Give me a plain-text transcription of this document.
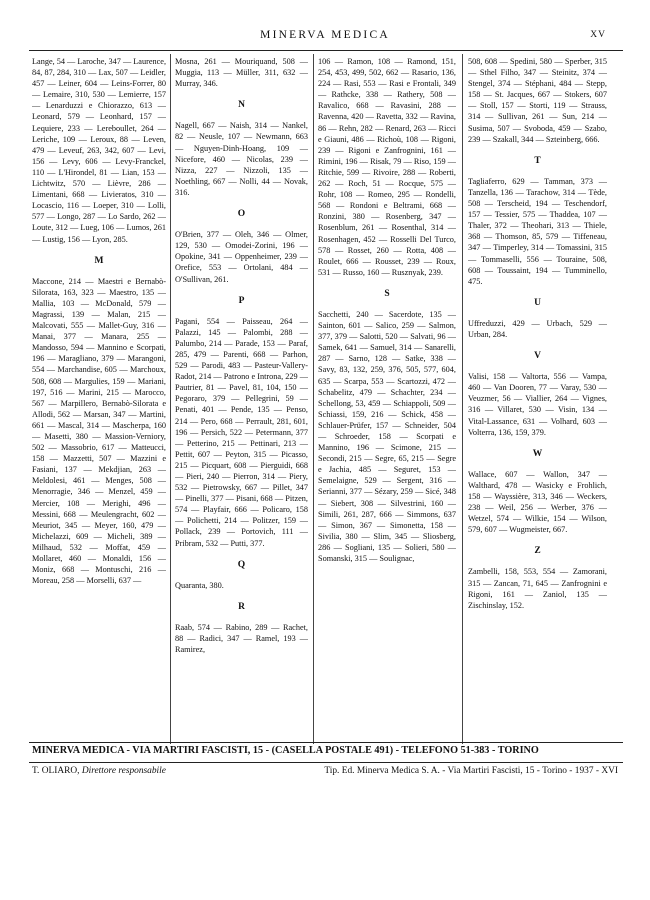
MINERVA MEDICA	XV
Lange, 54 — Laroche, 347 — Laurence, 84, 87, 284, 310 — Lax, 507 — Leidler, 457 — Leiner, 604 — Leins-Forrer, 80 — Lemaire, 310, 530 — Lemierre, 157 — Lenarduzzi e Chiorazzo, 613 — Leonard, 579 — Leonhard, 157 — Lequiere, 233 — Lereboullet, 264 — Leriche, 109 — Leroux, 88 — Leven, 479 — Leveuf, 263, 342, 607 — Levi, 156 — Levy, 606 — Levy-Franckel, 110 — L'Hirondel, 81 — Lian, 153 — Lichtwitz, 570 — Lièvre, 286 — Limentani, 668 — Livieratos, 310 — Locascio, 116 — Loeper, 310 — Lolli, 577 — Longo, 287 — Lo Sardo, 262 — Loute, 312 — Lueg, 106 — Lumos, 261 — Lustig, 156 — Lyon, 285.
M
Maccone, 214 — Maestri e Bernabò-Silorata, 163, 323 — Maestro, 135 — Mallia, 103 — McDonald, 579 — Magrassi, 139 — Malan, 215 — Malcovati, 555 — Mallet-Guy, 316 — Manai, 377 — Manara, 255 — Mandosso, 594 — Mannino e Scorpati, 196 — Maragliano, 379 — Marangoni, 554 — Marchandise, 605 — Marchoux, 508, 608 — Margulies, 159 — Mariani, 197, 516 — Marini, 215 — Marocco, 567 — Marpillero, Bernabò-Silorata e Allodi, 562 — Marsan, 347 — Martini, 661 — Mascal, 314 — Mascherpa, 160 — Masetti, 380 — Massion-Verniory, 502 — Massobrio, 617 — Matteucci, 158 — Mazzetti, 507 — Mazzini e Fasiani, 137 — Mekdjian, 263 — Meldolesi, 461 — Menges, 508 — Menorragie, 346 — Menzel, 459 — Mercier, 108 — Merighi, 496 — Messini, 668 — Meulengracht, 602 — Meuriot, 345 — Meyer, 160, 479 — Michelazzi, 609 — Micheli, 389 — Milhaud, 532 — Moffat, 459 — Mollaret, 460 — Monaldi, 156 — Moniz, 668 — Montuschi, 216 — Moreau, 258 — Morselli, 637 —
Mosna, 261 — Mouriquand, 508 — Muggia, 113 — Müller, 311, 632 — Murray, 346.
N
Nagell, 667 — Naish, 314 — Nankel, 82 — Neusle, 107 — Newmann, 663 — Nguyen-Dinh-Hoang, 109 — Nicefore, 460 — Nicolas, 239 — Nizza, 227 — Nizzoli, 135 — Noethling, 667 — Nolli, 44 — Novak, 316.
O
O'Brien, 377 — Oleh, 346 — Olmer, 129, 530 — Omodei-Zorini, 196 — Opokine, 341 — Oppenheimer, 239 — Orefice, 553 — Ortolani, 484 — O'Sullivan, 261.
P
Pagani, 554 — Paisseau, 264 — Palazzi, 145 — Palombi, 288 — Palumbo, 214 — Parade, 153 — Paraf, 285, 479 — Parenti, 668 — Parhon, 529 — Parodi, 483 — Pasteur-Vallery-Radot, 214 — Patrono e Introna, 229 — Pautrier, 81 — Pavel, 81, 104, 150 — Pegoraro, 379 — Pellegrini, 59 — Penati, 401 — Pende, 135 — Penso, 214 — Pero, 668 — Perrault, 281, 601, 196 — Persich, 522 — Petermann, 377 — Petterino, 215 — Pettinari, 213 — Pettit, 607 — Peyton, 315 — Picasso, 215 — Picquart, 608 — Pierguidi, 668 — Pieri, 240 — Pierron, 314 — Piery, 532 — Pietrowsky, 667 — Pillet, 347 — Pinelli, 377 — Pisani, 668 — Pitzen, 574 — Playfair, 666 — Policaro, 158 — Polichetti, 214 — Politzer, 159 — Pollack, 239 — Portovich, 111 — Pribram, 532 — Putti, 377.
Q
Quaranta, 380.
R
Raab, 574 — Rabino, 289 — Rachet, 88 — Radici, 347 — Ramel, 193 — Ramirez,
106 — Ramon, 108 — Ramond, 151, 254, 453, 499, 502, 662 — Rasario, 136, 224 — Rasi, 553 — Rasi e Frontali, 349 — Rathcke, 338 — Rathery, 508 — Ravalico, 668 — Ravasini, 288 — Ravenna, 420 — Ravetta, 332 — Ravina, 86 — Rehn, 282 — Renard, 263 — Ricci e Giauni, 486 — Richoù, 108 — Rigoni, 239 — Rigoni e Zanfrognini, 161 — Rimini, 196 — Risak, 79 — Riso, 159 — Ritchie, 599 — Rivoire, 288 — Roberti, 262 — Roch, 51 — Rocque, 575 — Rohr, 108 — Romeo, 295 — Rondelli, 568 — Rondoni e Beltrami, 668 — Ronzini, 380 — Rosenberg, 347 — Rosenblum, 261 — Rosenthal, 314 — Rosenhagen, 452 — Rosselli Del Turco, 578 — Rosset, 260 — Rotta, 408 — Roulet, 666 — Rousset, 239 — Roux, 531 — Russo, 160 — Rusznyak, 239.
S
Sacchetti, 240 — Sacerdote, 135 — Sainton, 601 — Salico, 259 — Salmon, 377, 379 — Salotti, 520 — Salvati, 96 — Samek, 641 — Samuel, 314 — Sanarelli, 287 — Sarno, 128 — Satke, 338 — Savy, 83, 132, 259, 376, 505, 577, 604, 635 — Scarpa, 553 — Scartozzi, 472 — Schabelitz, 479 — Schachter, 234 — Schellong, 53, 459 — Schiappoli, 509 — Schiassi, 159, 216 — Schick, 458 — Schlauer-Prüfer, 157 — Schneider, 504 — Schroeder, 158 — Scorpati e Mannino, 196 — Scimone, 215 — Secondi, 215 — Segre, 65, 215 — Segre e Jachia, 485 — Seguret, 153 — Semelaigne, 529 — Sergent, 316 — Serianni, 377 — Sézary, 259 — Sicé, 348 — Siebert, 308 — Silvestrini, 160 — Simili, 261, 287, 666 — Simmons, 637 — Simon, 367 — Simonetta, 158 — Sivilia, 380 — Slim, 345 — Sliosberg, 286 — Sogliani, 135 — Solieri, 580 — Somanski, 315 — Soulignac,
508, 608 — Spedini, 580 — Sperber, 315 — Sthel Filho, 347 — Steinitz, 374 — Stengel, 374 — Stéphani, 484 — Stepp, 158 — St. Jacques, 667 — Stokers, 607 — Stoll, 157 — Storti, 119 — Strauss, 314 — Sullivan, 261 — Sun, 214 — Susima, 507 — Svoboda, 459 — Szabo, 239 — Szakall, 344 — Szteinberg, 666.
T
Tagliaferro, 629 — Tamman, 373 — Tanzella, 136 — Tarachow, 314 — Tède, 508 — Terscheid, 194 — Teschendorf, 157 — Tessier, 575 — Thaddea, 107 — Thaler, 372 — Theohari, 313 — Thiele, 368 — Thomson, 85, 579 — Tiffeneau, 347 — Timperley, 314 — Tomassini, 315 — Tommaselli, 556 — Touraine, 508, 608 — Toussaint, 194 — Tumminello, 475.
U
Uffreduzzi, 429 — Urbach, 529 — Urban, 284.
V
Valisi, 158 — Valtorta, 556 — Vampa, 460 — Van Dooren, 77 — Varay, 530 — Veuzmer, 56 — Viallier, 264 — Vignes, 316 — Villaret, 530 — Visin, 134 — Vital-Lassance, 631 — Volhard, 603 — Volterra, 136, 159, 379.
W
Wallace, 607 — Wallon, 347 — Walthard, 478 — Wasicky e Frohlich, 158 — Wayssière, 313, 346 — Weckers, 238 — Weil, 256 — Werber, 376 — Wetzel, 574 — Wilkie, 154 — Wilson, 579, 607 — Wugmeister, 667.
Z
Zambelli, 158, 553, 554 — Zamorani, 315 — Zancan, 71, 645 — Zanfrognini e Rigoni, 161 — Zaniol, 135 — Zischinslay, 152.
MINERVA MEDICA - VIA MARTIRI FASCISTI, 15 - (CASELLA POSTALE 491) - TELEFONO 51-383 - TORINO
T. OLIARO, Direttore responsabile	Tip. Ed. Minerva Medica S. A. - Via Martiri Fascisti, 15 - Torino - 1937 - XVI
